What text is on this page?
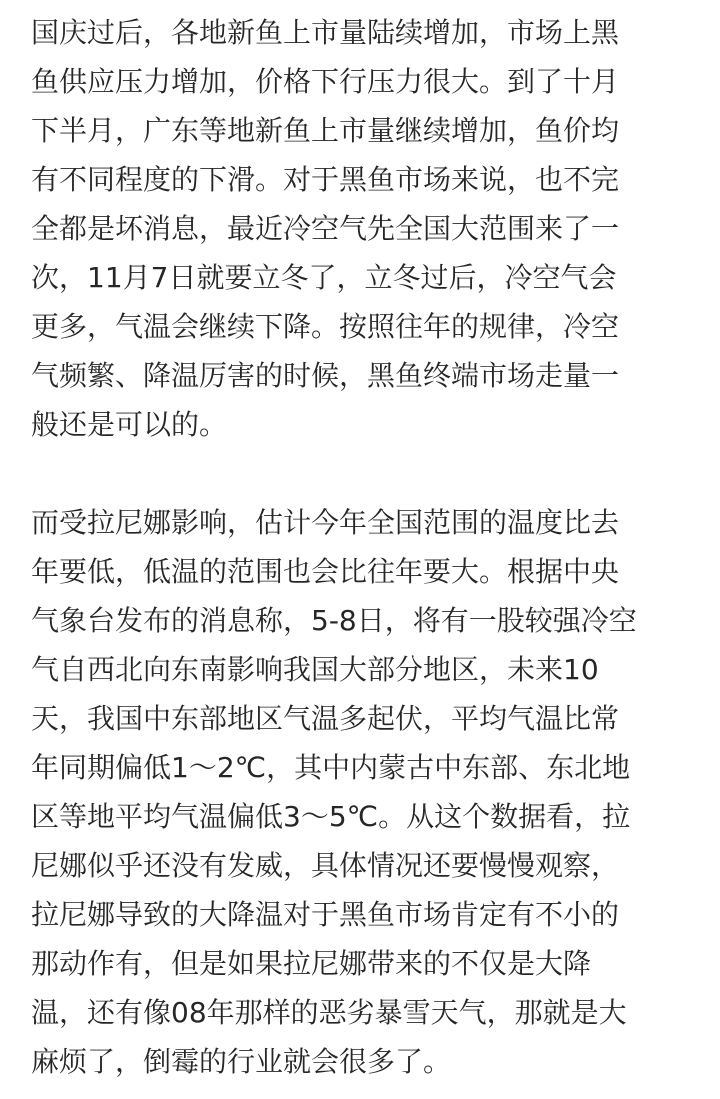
国庆过后，各地新鱼上市量陆续增加，市场上黑
鱼供应压力增加，价格下行压力很大。到了十月
下半月，广东等地新鱼上市量继续增加，鱼价均
有不同程度的下滑。对于黑鱼市场来说，也不完
全都是坏消息，最近冷空气先全国大范围来了一
次，11月7日就要立冬了，立冬过后，冷空气会
更多，气温会继续下降。按照往年的规律，冷空
气频繁、降温厉害的时候，黑鱼终端市场走量一
般还是可以的。
而受拉尼娜影响，估计今年全国范围的温度比去
年要低，低温的范围也会比往年要大。根据中央
气象台发布的消息称，5-8日，将有一股较强冷空
气自西北向东南影响我国大部分地区，未来10
天，我国中东部地区气温多起伏，平均气温比常
年同期偏低1～2℃，其中内蒙古中东部、东北地
区等地平均气温偏低3～5℃。从这个数据看，拉
尼娜似乎还没有发威，具体情况还要慢慢观察，
拉尼娜导致的大降温对于黑鱼市场肯定有不小的
那动作有，但是如果拉尼娜带来的不仅是大降
温，还有像08年那样的恶劣暴雪天气，那就是大
麻烦了，倒霉的行业就会很多了。
